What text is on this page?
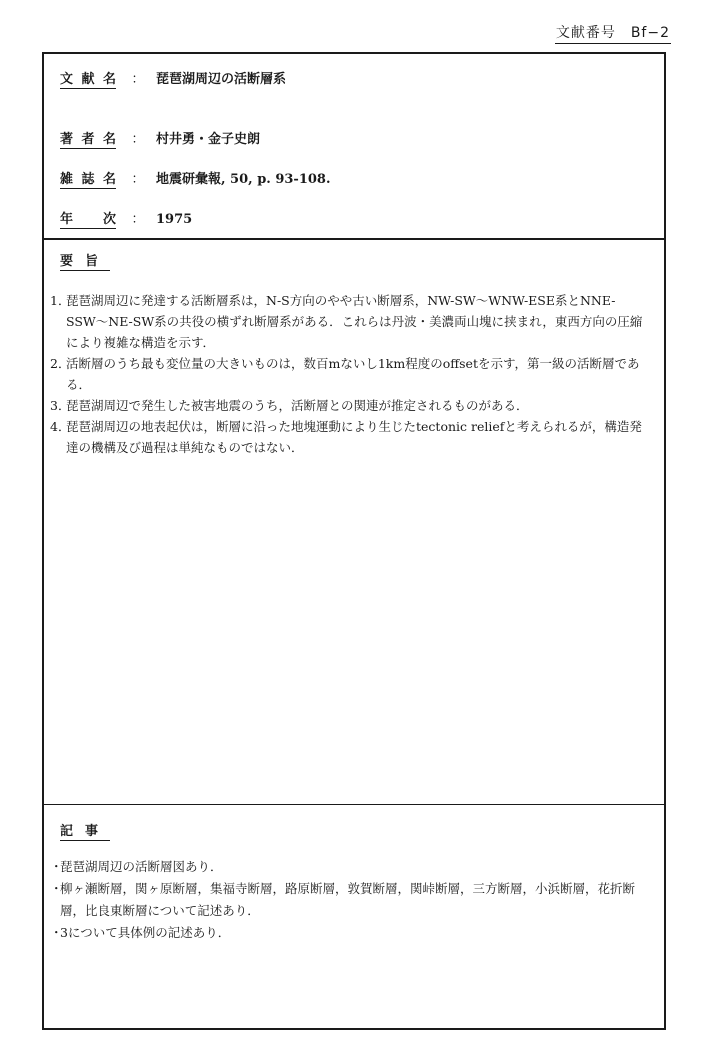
文献番号　Bf−2
文献名 ： 琵琶湖周辺の活断層系
著者名 ： 村井勇・金子史朗
雑誌名 ： 地震研彙報, 50, p. 93-108.
年次 ： 1975
要旨
1．
琵琶湖周辺に発達する活断層系は，N-S方向のやや古い断層系，NW-SW〜WNW-ESE系とNNE-SSW〜NE-SW系の共役の横ずれ断層系がある．これらは丹波・美濃両山塊に挟まれ，東西方向の圧縮により複雑な構造を示す．
2．
活断層のうち最も変位量の大きいものは，数百mないし1km程度のoffsetを示す，第一級の活断層である．
3．
琵琶湖周辺で発生した被害地震のうち，活断層との関連が推定されるものがある．
4．
琵琶湖周辺の地表起伏は，断層に沿った地塊運動により生じたtectonic reliefと考えられるが，構造発達の機構及び過程は単純なものではない．
記事
・
琵琶湖周辺の活断層図あり．
・
柳ヶ瀬断層，関ヶ原断層，集福寺断層，路原断層，敦賀断層，関峠断層，三方断層，小浜断層，花折断層，比良東断層について記述あり．
・
3について具体例の記述あり．
